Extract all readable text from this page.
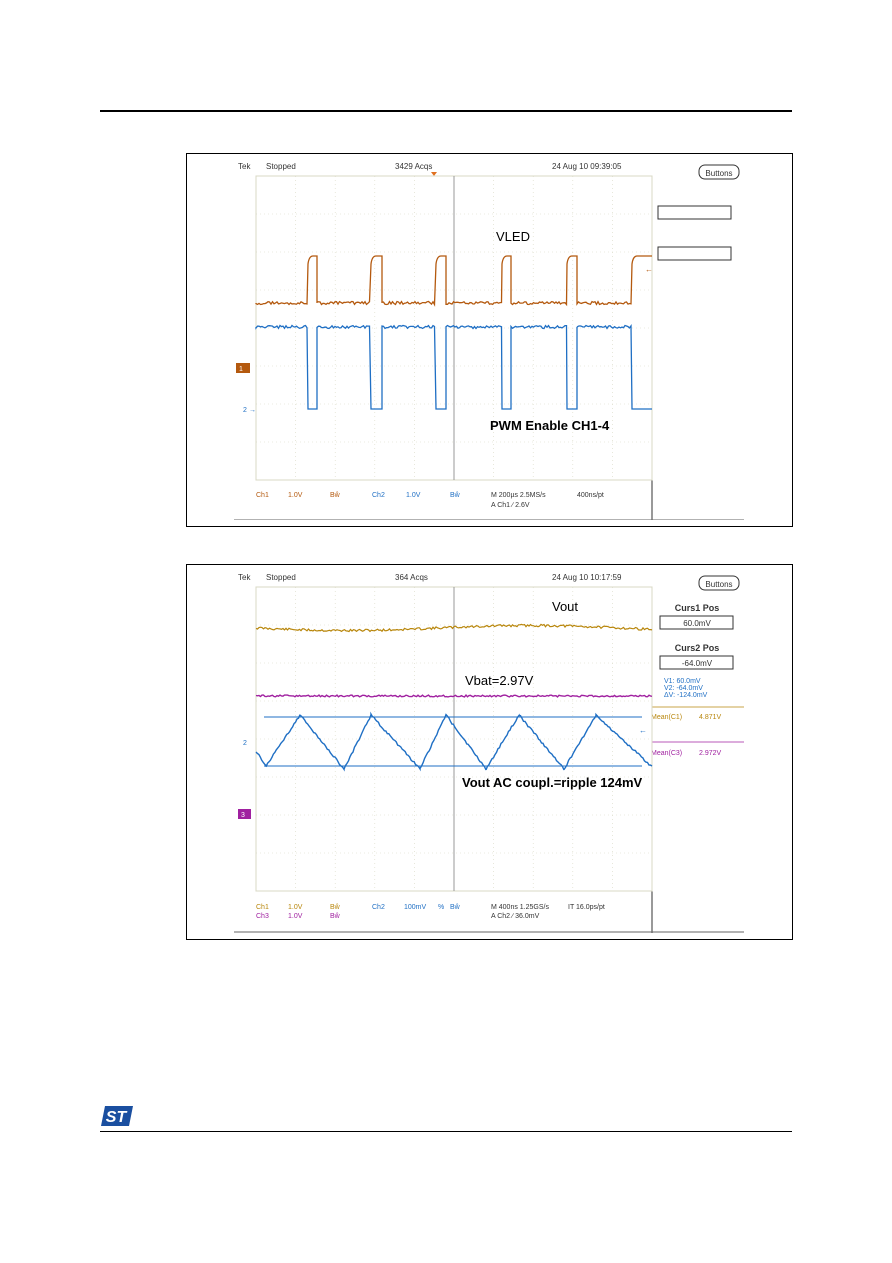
Tek Stopped	3429 Acqs	24 Aug 10 09:39:05
Buttons
1
2 →
←
VLED
PWM Enable CH1-4
Ch1	1.0V	Bŵ	Ch2	1.0V	Bŵ	M 200µs 2.5MS/s	400ns/pt
A Ch1 ∕ 2.6V
Tek Stopped	364 Acqs	24 Aug 10 10:17:59
Buttons
Curs1 Pos
60.0mV
Curs2 Pos
-64.0mV
V1: 60.0mV
V2: -64.0mV
ΔV: -124.0mV
Mean(C1) 4.871V
Mean(C3) 2.972V
2
3
←
Vout
Vbat=2.97V
Vout AC coupl.=ripple 124mV
Ch1	1.0V	Bŵ	Ch2	100mV % Bŵ	M 400ns 1.25GS/s	IT 16.0ps/pt
Ch3	1.0V	Bŵ	A Ch2 ∕ 36.0mV
ST
